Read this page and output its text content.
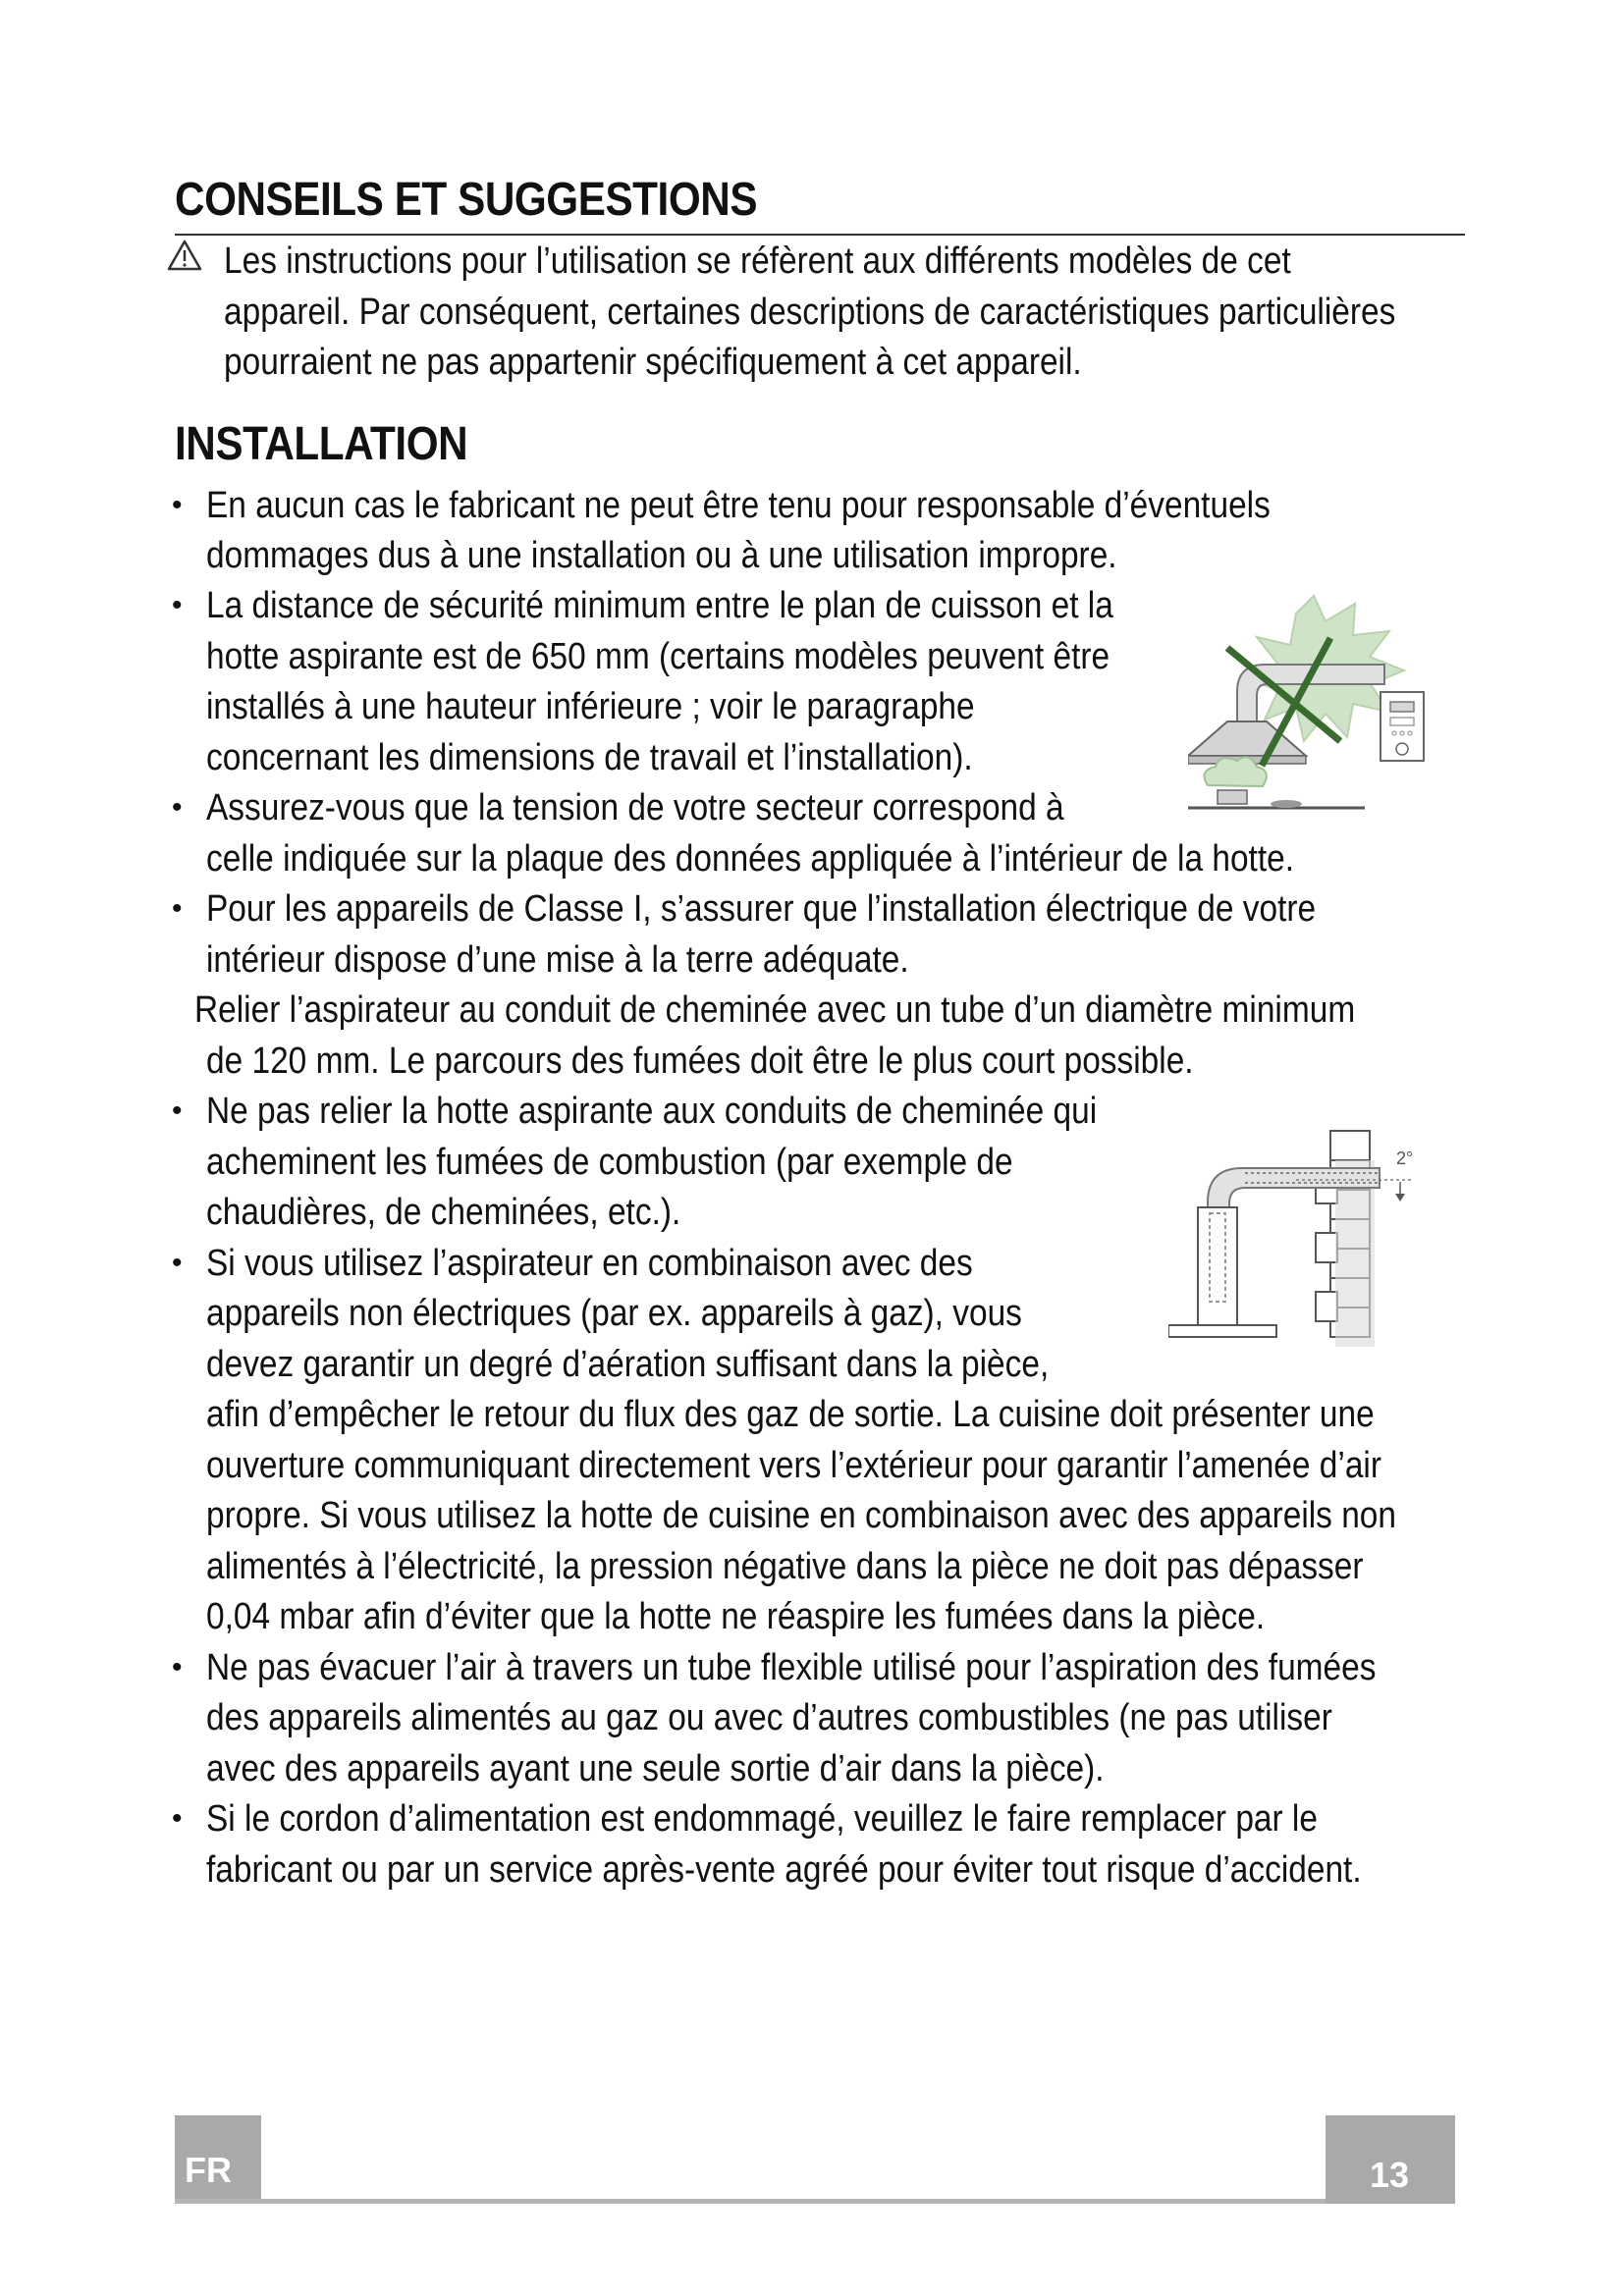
CONSEILS ET SUGGESTIONS
Les instructions pour l’utilisation se réfèrent aux différents modèles de cet
appareil. Par conséquent, certaines descriptions de caractéristiques particulières
pourraient ne pas appartenir spécifiquement à cet appareil.
INSTALLATION
• En aucun cas le fabricant ne peut être tenu pour responsable d’éventuels
dommages dus à une installation ou à une utilisation impropre.
• La distance de sécurité minimum entre le plan de cuisson et la
hotte aspirante est de 650 mm (certains modèles peuvent être
installés à une hauteur inférieure ; voir le paragraphe
concernant les dimensions de travail et l’installation).
• Assurez-vous que la tension de votre secteur correspond à
celle indiquée sur la plaque des données appliquée à l’intérieur de la hotte.
• Pour les appareils de Classe I, s’assurer que l’installation électrique de votre
intérieur dispose d’une mise à la terre adéquate.
Relier l’aspirateur au conduit de cheminée avec un tube d’un diamètre minimum
de 120 mm. Le parcours des fumées doit être le plus court possible.
• Ne pas relier la hotte aspirante aux conduits de cheminée qui
acheminent les fumées de combustion (par exemple de
chaudières, de cheminées, etc.).
• Si vous utilisez l’aspirateur en combinaison avec des
appareils non électriques (par ex. appareils à gaz), vous
devez garantir un degré d’aération suffisant dans la pièce,
afin d’empêcher le retour du flux des gaz de sortie. La cuisine doit présenter une
ouverture communiquant directement vers l’extérieur pour garantir l’amenée d’air
propre. Si vous utilisez la hotte de cuisine en combinaison avec des appareils non
alimentés à l’électricité, la pression négative dans la pièce ne doit pas dépasser
0,04 mbar afin d’éviter que la hotte ne réaspire les fumées dans la pièce.
• Ne pas évacuer l’air à travers un tube flexible utilisé pour l’aspiration des fumées
des appareils alimentés au gaz ou avec d’autres combustibles (ne pas utiliser
avec des appareils ayant une seule sortie d’air dans la pièce).
• Si le cordon d’alimentation est endommagé, veuillez le faire remplacer par le
fabricant ou par un service après-vente agréé pour éviter tout risque d’accident.
2°
FR	13
